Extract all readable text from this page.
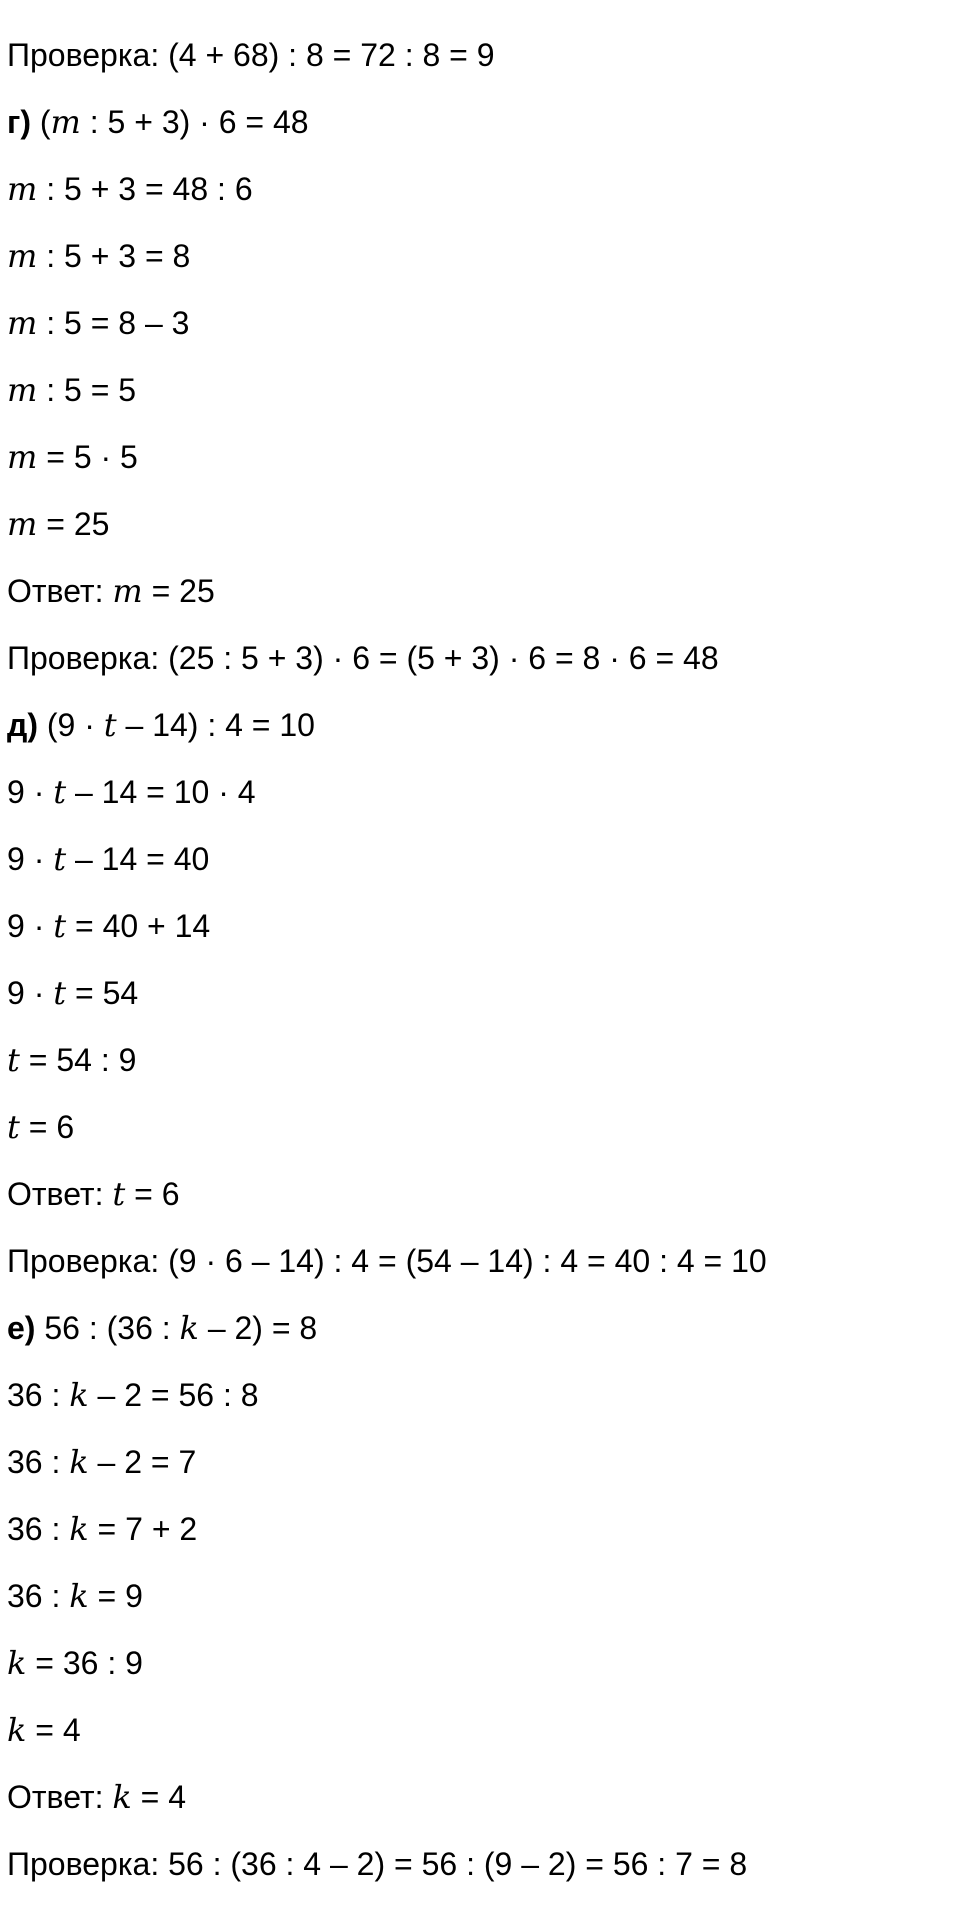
Проверка: (4 + 68) : 8 = 72 : 8 = 9
г) (m : 5 + 3) · 6 = 48
m : 5 + 3 = 48 : 6
m : 5 + 3 = 8
m : 5 = 8 – 3
m : 5 = 5
m = 5 · 5
m = 25
Ответ: m = 25
Проверка: (25 : 5 + 3) · 6 = (5 + 3) · 6 = 8 · 6 = 48
д) (9 · t – 14) : 4 = 10
9 · t – 14 = 10 · 4
9 · t – 14 = 40
9 · t = 40 + 14
9 · t = 54
t = 54 : 9
t = 6
Ответ: t = 6
Проверка: (9 · 6 – 14) : 4 = (54 – 14) : 4 = 40 : 4 = 10
е) 56 : (36 : k – 2) = 8
36 : k – 2 = 56 : 8
36 : k – 2 = 7
36 : k = 7 + 2
36 : k = 9
k = 36 : 9
k = 4
Ответ: k = 4
Проверка: 56 : (36 : 4 – 2) = 56 : (9 – 2) = 56 : 7 = 8
